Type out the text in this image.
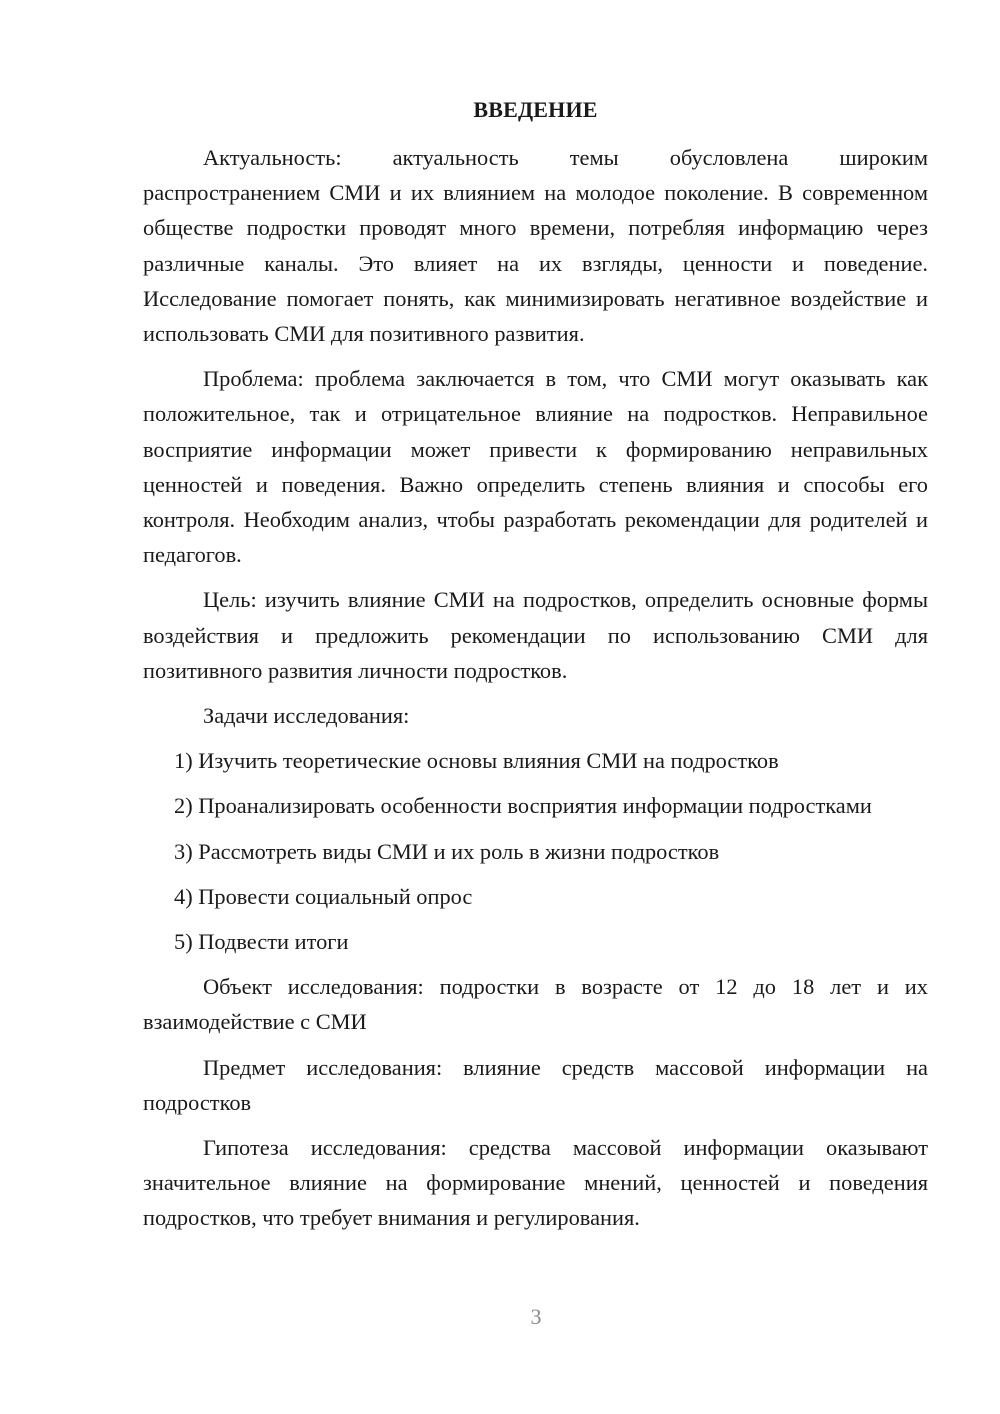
ВВЕДЕНИЕ

Актуальность: актуальность темы обусловлена широким распространением СМИ и их влиянием на молодое поколение. В современном обществе подростки проводят много времени, потребляя информацию через различные каналы. Это влияет на их взгляды, ценности и поведение. Исследование помогает понять, как минимизировать негативное воздействие и использовать СМИ для позитивного развития.

Проблема: проблема заключается в том, что СМИ могут оказывать как положительное, так и отрицательное влияние на подростков. Неправильное восприятие информации может привести к формированию неправильных ценностей и поведения. Важно определить степень влияния и способы его контроля. Необходим анализ, чтобы разработать рекомендации для родителей и педагогов.

Цель: изучить влияние СМИ на подростков, определить основные формы воздействия и предложить рекомендации по использованию СМИ для позитивного развития личности подростков.

Задачи исследования:

1) Изучить теоретические основы влияния СМИ на подростков

2) Проанализировать особенности восприятия информации подростками

3) Рассмотреть виды СМИ и их роль в жизни подростков

4) Провести социальный опрос

5) Подвести итоги

Объект исследования: подростки в возрасте от 12 до 18 лет и их взаимодействие с СМИ

Предмет исследования: влияние средств массовой информации на подростков

Гипотеза исследования: средства массовой информации оказывают значительное влияние на формирование мнений, ценностей и поведения подростков, что требует внимания и регулирования.

3
